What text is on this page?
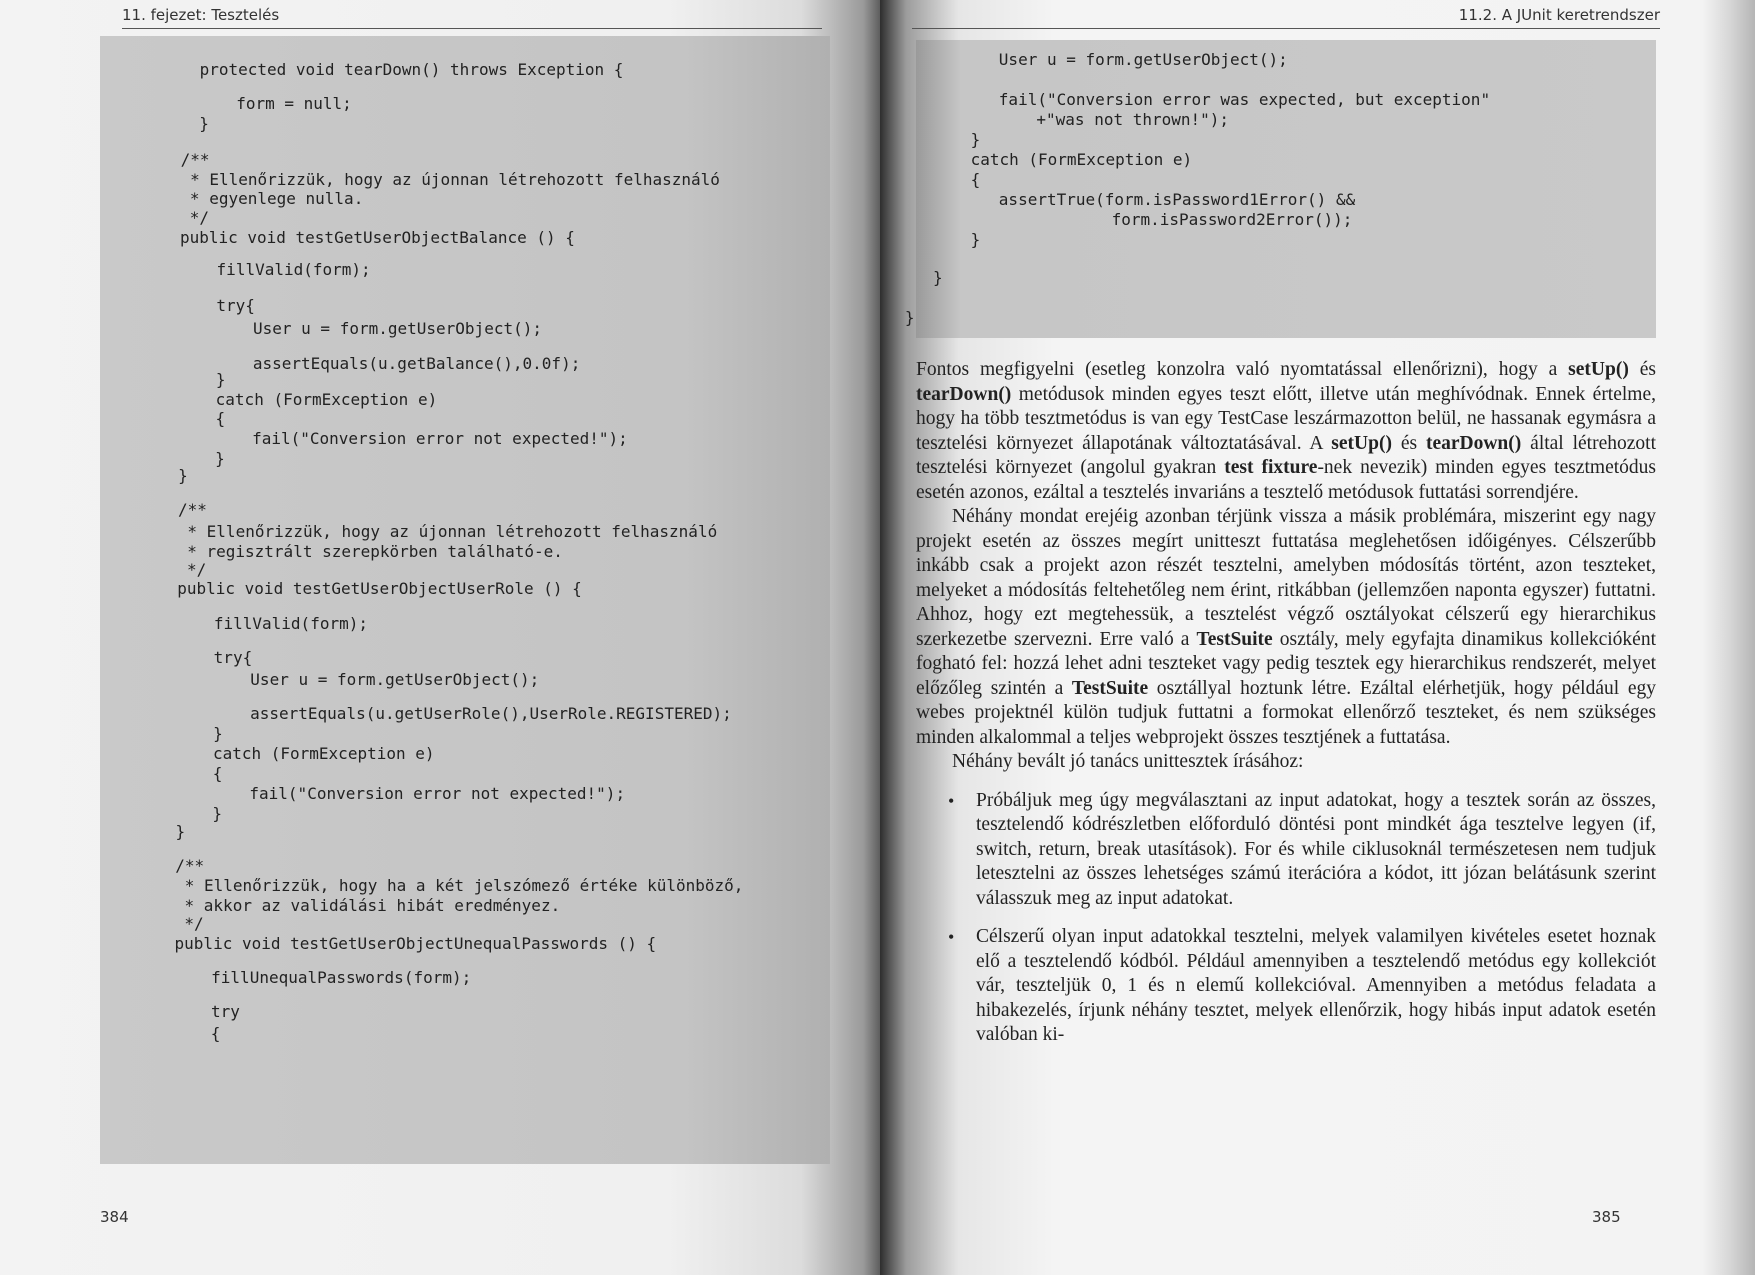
11. fejezet: Tesztelés
protected void tearDown() throws Exception {
form = null;
}
/**
* Ellenőrizzük, hogy az újonnan létrehozott felhasználó
* egyenlege nulla.
*/
public void testGetUserObjectBalance () {
fillValid(form);
try{
User u = form.getUserObject();
assertEquals(u.getBalance(),0.0f);
}
catch (FormException e)
{
fail("Conversion error not expected!");
}
}
/**
* Ellenőrizzük, hogy az újonnan létrehozott felhasználó
* regisztrált szerepkörben található-e.
*/
public void testGetUserObjectUserRole () {
fillValid(form);
try{
User u = form.getUserObject();
assertEquals(u.getUserRole(),UserRole.REGISTERED);
}
catch (FormException e)
{
fail("Conversion error not expected!");
}
}
/**
* Ellenőrizzük, hogy ha a két jelszómező értéke különböző,
* akkor az validálási hibát eredményez.
*/
public void testGetUserObjectUnequalPasswords () {
fillUnequalPasswords(form);
try
{
384
11.2. A JUnit keretrendszer
User u = form.getUserObject();
fail("Conversion error was expected, but exception"
+"was not thrown!");
}
catch (FormException e)
{
assertTrue(form.isPassword1Error() &&
form.isPassword2Error());
}
}
}

Fontos megfigyelni (esetleg konzolra való nyomtatással ellenőrizni), hogy a setUp() és tearDown() metódusok minden egyes teszt előtt, illetve után meghívódnak. Ennek értelme, hogy ha több tesztmetódus is van egy TestCase leszármazotton belül, ne hassanak egymásra a tesztelési környezet állapotának változtatásával. A setUp() és tearDown() által létrehozott tesztelési környezet (angolul gyakran test fixture-nek nevezik) minden egyes tesztmetódus esetén azonos, ezáltal a tesztelés invariáns a tesztelő metódusok futtatási sorrendjére.

Néhány mondat erejéig azonban térjünk vissza a másik problémára, miszerint egy nagy projekt esetén az összes megírt unitteszt futtatása meglehetősen időigényes. Célszerűbb inkább csak a projekt azon részét tesztelni, amelyben módosítás történt, azon teszteket, melyeket a módosítás feltehetőleg nem érint, ritkábban (jellemzően naponta egyszer) futtatni. Ahhoz, hogy ezt megtehessük, a tesztelést végző osztályokat célszerű egy hierarchikus szerkezetbe szervezni. Erre való a TestSuite osztály, mely egyfajta dinamikus kollekcióként fogható fel: hozzá lehet adni teszteket vagy pedig tesztek egy hierarchikus rendszerét, melyet előzőleg szintén a TestSuite osztállyal hoztunk létre. Ezáltal elérhetjük, hogy például egy webes projektnél külön tudjuk futtatni a formokat ellenőrző teszteket, és nem szükséges minden alkalommal a teljes webprojekt összes tesztjének a futtatása.

Néhány bevált jó tanács unittesztek írásához:

• Próbáljuk meg úgy megválasztani az input adatokat, hogy a tesztek során az összes, tesztelendő kódrészletben előforduló döntési pont mindkét ága tesztelve legyen (if, switch, return, break utasítások). For és while ciklusoknál természetesen nem tudjuk letesztelni az összes lehetséges számú iterációra a kódot, itt józan belátásunk szerint válasszuk meg az input adatokat.
• Célszerű olyan input adatokkal tesztelni, melyek valamilyen kivételes esetet hoznak elő a tesztelendő kódból. Például amennyiben a tesztelendő metódus egy kollekciót vár, teszteljük 0, 1 és n elemű kollekcióval. Amennyiben a metódus feladata a hibakezelés, írjunk néhány tesztet, melyek ellenőrzik, hogy hibás input adatok esetén valóban ki-
385
